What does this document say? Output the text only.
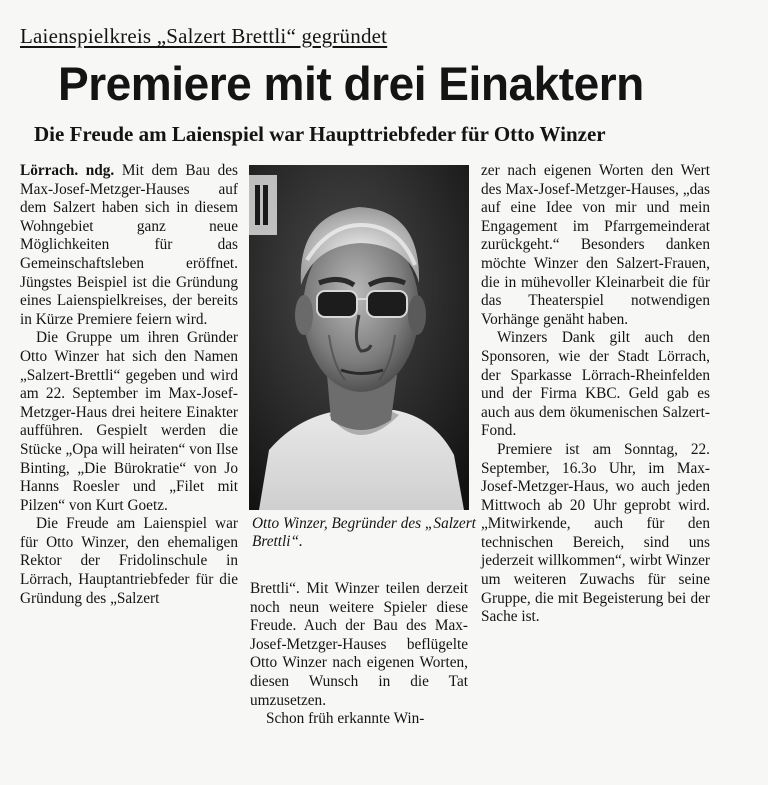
Laienspielkreis „Salzert Brettli“ gegründet
Premiere mit drei Einaktern
Die Freude am Laienspiel war Haupttriebfeder für Otto Winzer

Lörrach. ndg. Mit dem Bau des Max-Josef-Metzger-Hauses auf dem Salzert haben sich in diesem Wohngebiet ganz neue Möglichkeiten für das Gemeinschaftsleben eröffnet. Jüngstes Beispiel ist die Gründung eines Laienspielkreises, der bereits in Kürze Premiere feiern wird.

Die Gruppe um ihren Gründer Otto Winzer hat sich den Namen „Salzert-Brettli“ gegeben und wird am 22. September im Max-Josef-Metzger-Haus drei heitere Einakter aufführen. Gespielt werden die Stücke „Opa will heiraten“ von Ilse Binting, „Die Bürokratie“ von Jo Hanns Roesler und „Filet mit Pilzen“ von Kurt Goetz.

Die Freude am Laienspiel war für Otto Winzer, den ehemaligen Rektor der Fridolinschule in Lörrach, Hauptantriebfeder für die Gründung des „Salzert

Otto Winzer, Begründer des „Salzert Brettli“.

Brettli“. Mit Winzer teilen derzeit noch neun weitere Spieler diese Freude. Auch der Bau des Max-Josef-Metzger-Hauses beflügelte Otto Winzer nach eigenen Worten, diesen Wunsch in die Tat umzusetzen.

Schon früh erkannte Win-

zer nach eigenen Worten den Wert des Max-Josef-Metzger-Hauses, „das auf eine Idee von mir und mein Engagement im Pfarrgemeinderat zurückgeht.“ Besonders danken möchte Winzer den Salzert-Frauen, die in mühevoller Kleinarbeit die für das Theaterspiel notwendigen Vorhänge genäht haben.

Winzers Dank gilt auch den Sponsoren, wie der Stadt Lörrach, der Sparkasse Lörrach-Rheinfelden und der Firma KBC. Geld gab es auch aus dem ökumenischen Salzert-Fond.

Premiere ist am Sonntag, 22. September, 16.3o Uhr, im Max-Josef-Metzger-Haus, wo auch jeden Mittwoch ab 20 Uhr geprobt wird. „Mitwirkende, auch für den technischen Bereich, sind uns jederzeit willkommen“, wirbt Winzer um weiteren Zuwachs für seine Gruppe, die mit Begeisterung bei der Sache ist.
